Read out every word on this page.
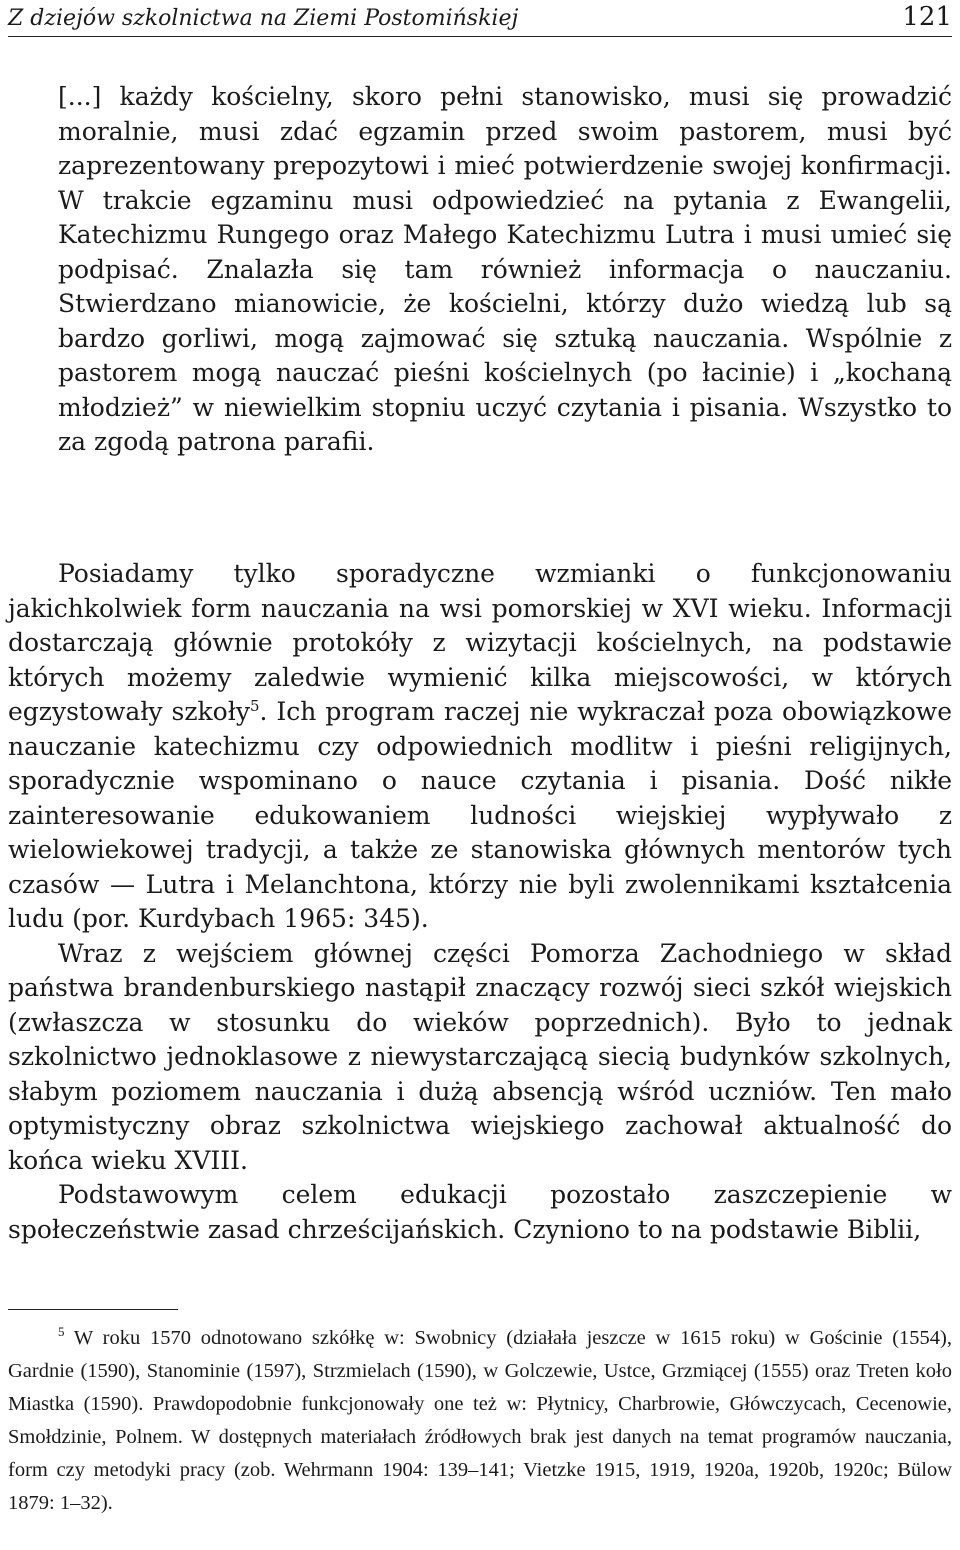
Z dziejów szkolnictwa na Ziemi Postomińskiej	121

[...] każdy kościelny, skoro pełni stanowisko, musi się prowadzić moralnie, musi zdać egzamin przed swoim pastorem, musi być zaprezentowany prepozytowi i mieć potwierdzenie swojej konfirmacji. W trakcie egzaminu musi odpowiedzieć na pytania z Ewangelii, Katechizmu Rungego oraz Małego Katechizmu Lutra i musi umieć się podpisać. Znalazła się tam również informacja o nauczaniu. Stwierdzano mianowicie, że kościelni, którzy dużo wiedzą lub są bardzo gorliwi, mogą zajmować się sztuką nauczania. Wspólnie z pastorem mogą nauczać pieśni kościelnych (po łacinie) i „kochaną młodzież” w niewielkim stopniu uczyć czytania i pisania. Wszystko to za zgodą patrona parafii.

Posiadamy tylko sporadyczne wzmianki o funkcjonowaniu jakichkolwiek form nauczania na wsi pomorskiej w XVI wieku. Informacji dostarczają głównie protokóły z wizytacji kościelnych, na podstawie których możemy zaledwie wymienić kilka miejscowości, w których egzystowały szkoły$^5$. Ich program raczej nie wykraczał poza obowiązkowe nauczanie katechizmu czy odpowiednich modlitw i pieśni religijnych, sporadycznie wspominano o nauce czytania i pisania. Dość nikłe zainteresowanie edukowaniem ludności wiejskiej wypływało z wielowiekowej tradycji, a także ze stanowiska głównych mentorów tych czasów — Lutra i Melanchtona, którzy nie byli zwolennikami kształcenia ludu (por. Kurdybach 1965: 345).

Wraz z wejściem głównej części Pomorza Zachodniego w skład państwa brandenburskiego nastąpił znaczący rozwój sieci szkół wiejskich (zwłaszcza w stosunku do wieków poprzednich). Było to jednak szkolnictwo jednoklasowe z niewystarczającą siecią budynków szkolnych, słabym poziomem nauczania i dużą absencją wśród uczniów. Ten mało optymistyczny obraz szkolnictwa wiejskiego zachował aktualność do końca wieku XVIII.

Podstawowym celem edukacji pozostało zaszczepienie w społeczeństwie zasad chrześcijańskich. Czyniono to na podstawie Biblii,

$^5$ W roku 1570 odnotowano szkółkę w: Swobnicy (działała jeszcze w 1615 roku) w Gościnie (1554), Gardnie (1590), Stanominie (1597), Strzmielach (1590), w Golczewie, Ustce, Grzmiącej (1555) oraz Treten koło Miastka (1590). Prawdopodobnie funkcjonowały one też w: Płytnicy, Charbrowie, Główczycach, Cecenowie, Smołdzinie, Polnem. W dostępnych materiałach źródłowych brak jest danych na temat programów nauczania, form czy metodyki pracy (zob. Wehrmann 1904: 139–141; Vietzke 1915, 1919, 1920a, 1920b, 1920c; Bülow 1879: 1–32).
